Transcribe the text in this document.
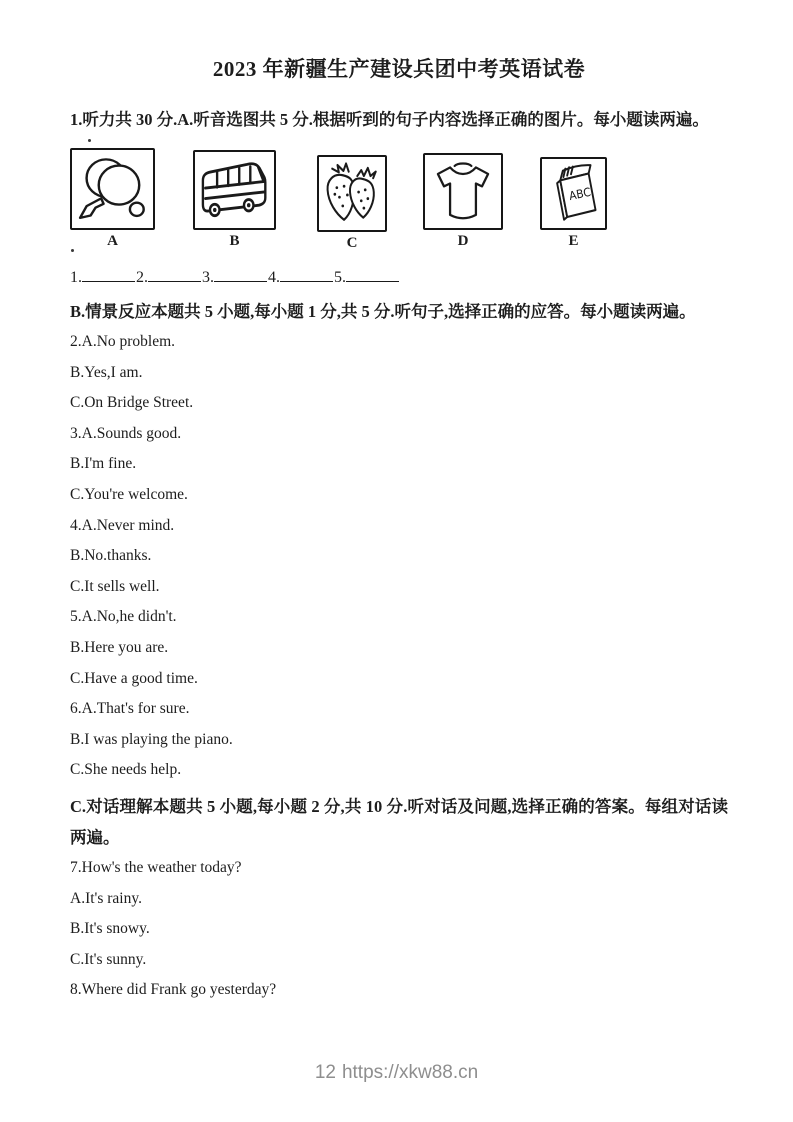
2023 年新疆生产建设兵团中考英语试卷
1.听力共 30 分.A.听音选图共 5 分.根据听到的句子内容选择正确的图片。每小题读两遍。
A	B	C	D
ABC
E
1.	2.	3.	4.	5.
B.情景反应本题共 5 小题,每小题 1 分,共 5 分.听句子,选择正确的应答。每小题读两遍。
2.A.No problem.
B.Yes,I am.
C.On Bridge Street.
3.A.Sounds good.
B.I'm fine.
C.You're welcome.
4.A.Never mind.
B.No.thanks.
C.It sells well.
5.A.No,he didn't.
B.Here you are.
C.Have a good time.
6.A.That's for sure.
B.I was playing the piano.
C.She needs help.
C.对话理解本题共 5 小题,每小题 2 分,共 10 分.听对话及问题,选择正确的答案。每组对话读两遍。
7.How's the weather today?
A.It's rainy.
B.It's snowy.
C.It's sunny.
8.Where did Frank go yesterday?
12 https://xkw88.cn
